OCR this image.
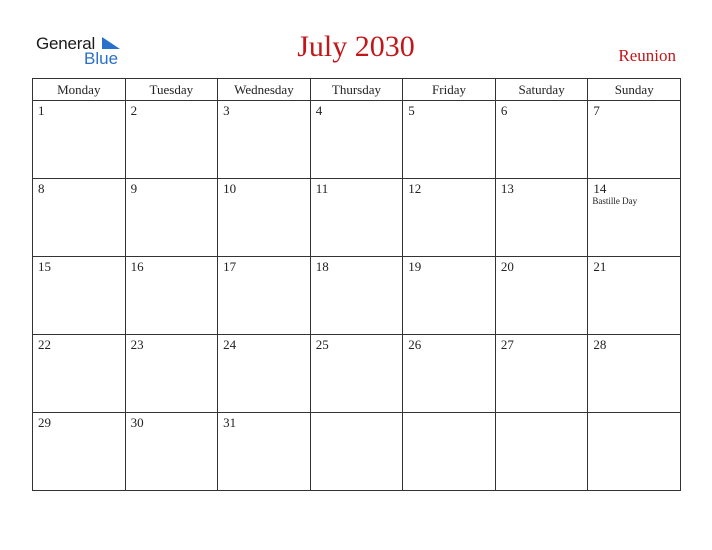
General
Blue	July 2030	Reunion
Monday	Tuesday	Wednesday	Thursday	Friday	Saturday	Sunday

1	2	3	4	5	6	7

8	9	10	11	12	13	14
Bastille Day

15	16	17	18	19	20	21

22	23	24	25	26	27	28

29	30	31				
